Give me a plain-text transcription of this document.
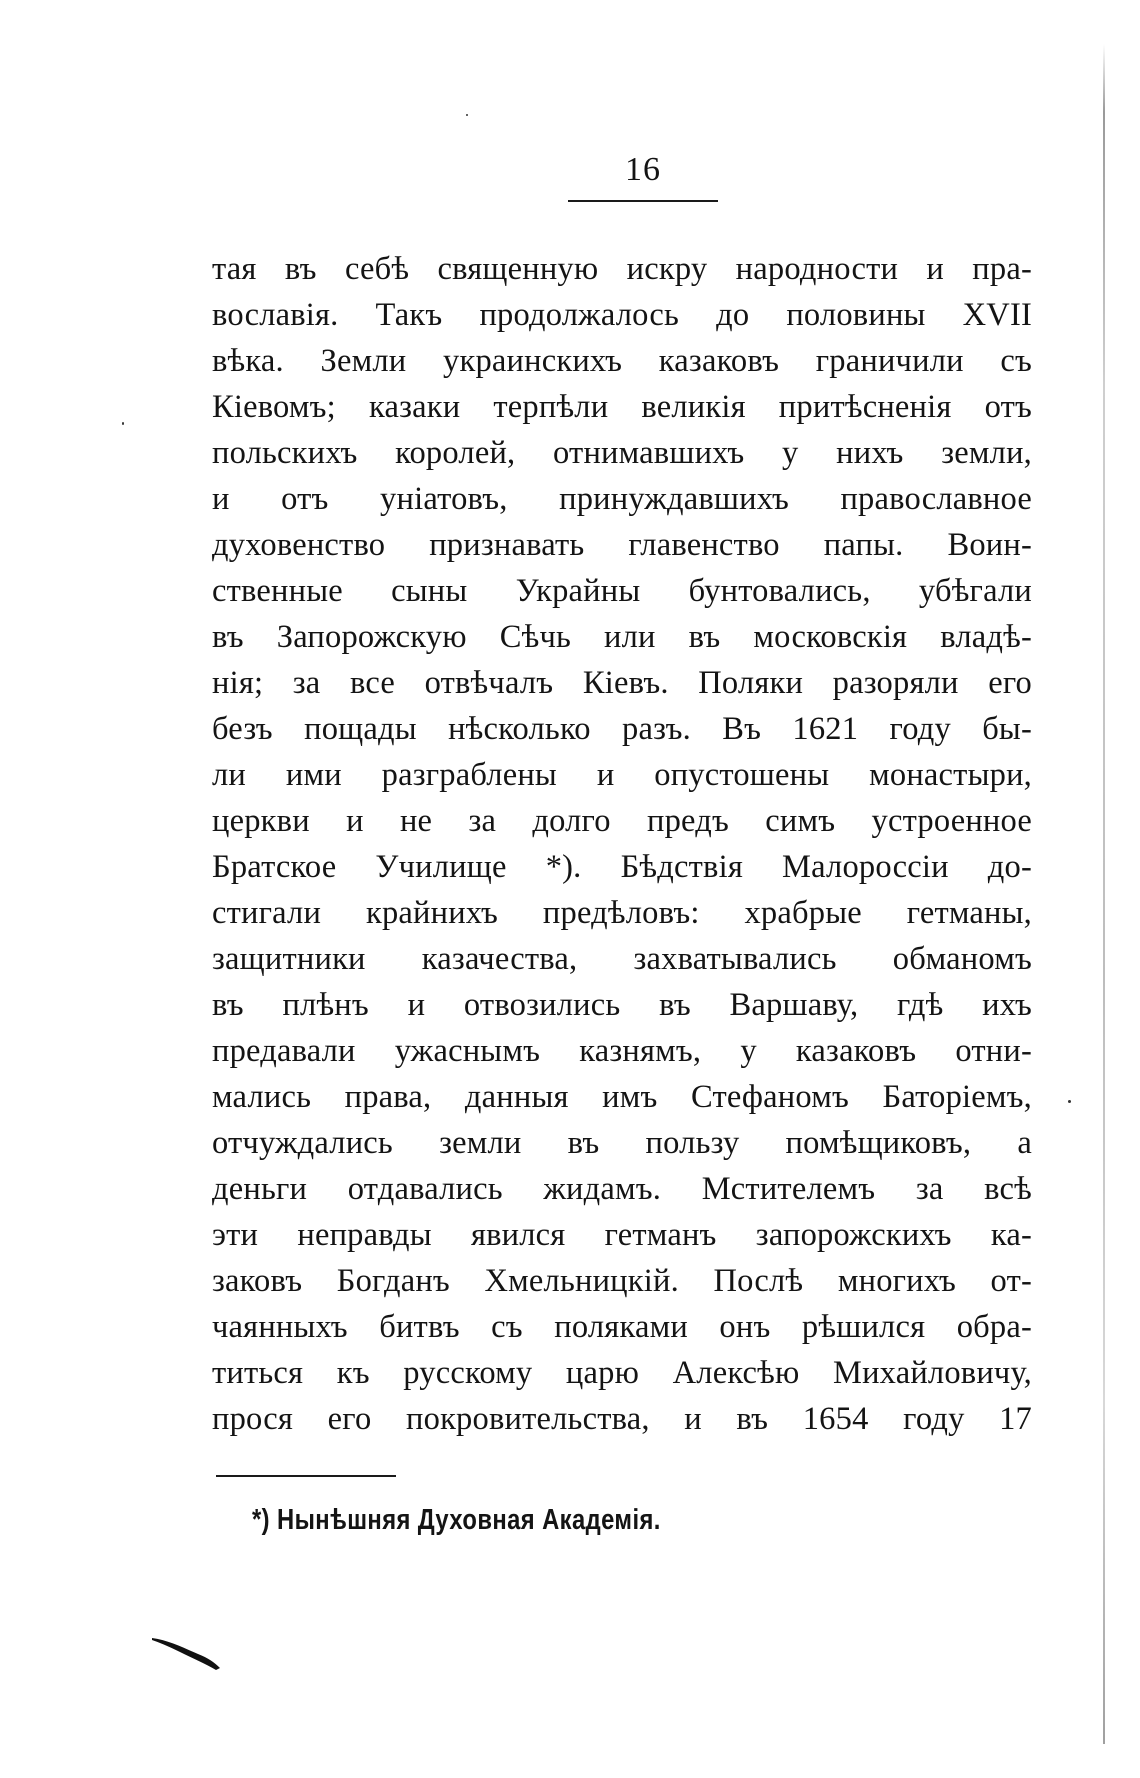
16
тая въ себѣ священную искру народности и пра-
вославія. Такъ продолжалось до половины XVII
вѣка. Земли украинскихъ казаковъ граничили съ
Кіевомъ; казаки терпѣли великія притѣсненія отъ
польскихъ королей, отнимавшихъ у нихъ земли,
и отъ уніатовъ, принуждавшихъ православное
духовенство признавать главенство папы. Воин-
ственные сыны Украйны бунтовались, убѣгали
въ Запорожскую Сѣчь или въ московскія владѣ-
нія; за все отвѣчалъ Кіевъ. Поляки разоряли его
безъ пощады нѣсколько разъ. Въ 1621 году бы-
ли ими разграблены и опустошены монастыри,
церкви и не за долго предъ симъ устроенное
Братское Училище *). Бѣдствія Малороссіи до-
стигали крайнихъ предѣловъ: храбрые гетманы,
защитники казачества, захватывались обманомъ
въ плѣнъ и отвозились въ Варшаву, гдѣ ихъ
предавали ужаснымъ казнямъ, у казаковъ отни-
мались права, данныя имъ Стефаномъ Баторіемъ,
отчуждались земли въ пользу помѣщиковъ, а
деньги отдавались жидамъ. Мстителемъ за всѣ
эти неправды явился гетманъ запорожскихъ ка-
заковъ Богданъ Хмельницкій. Послѣ многихъ от-
чаянныхъ битвъ съ поляками онъ рѣшился обра-
титься къ русскому царю Алексѣю Михайловичу,
прося его покровительства, и въ 1654 году 17
*) Нынѣшняя Духовная Академія.
